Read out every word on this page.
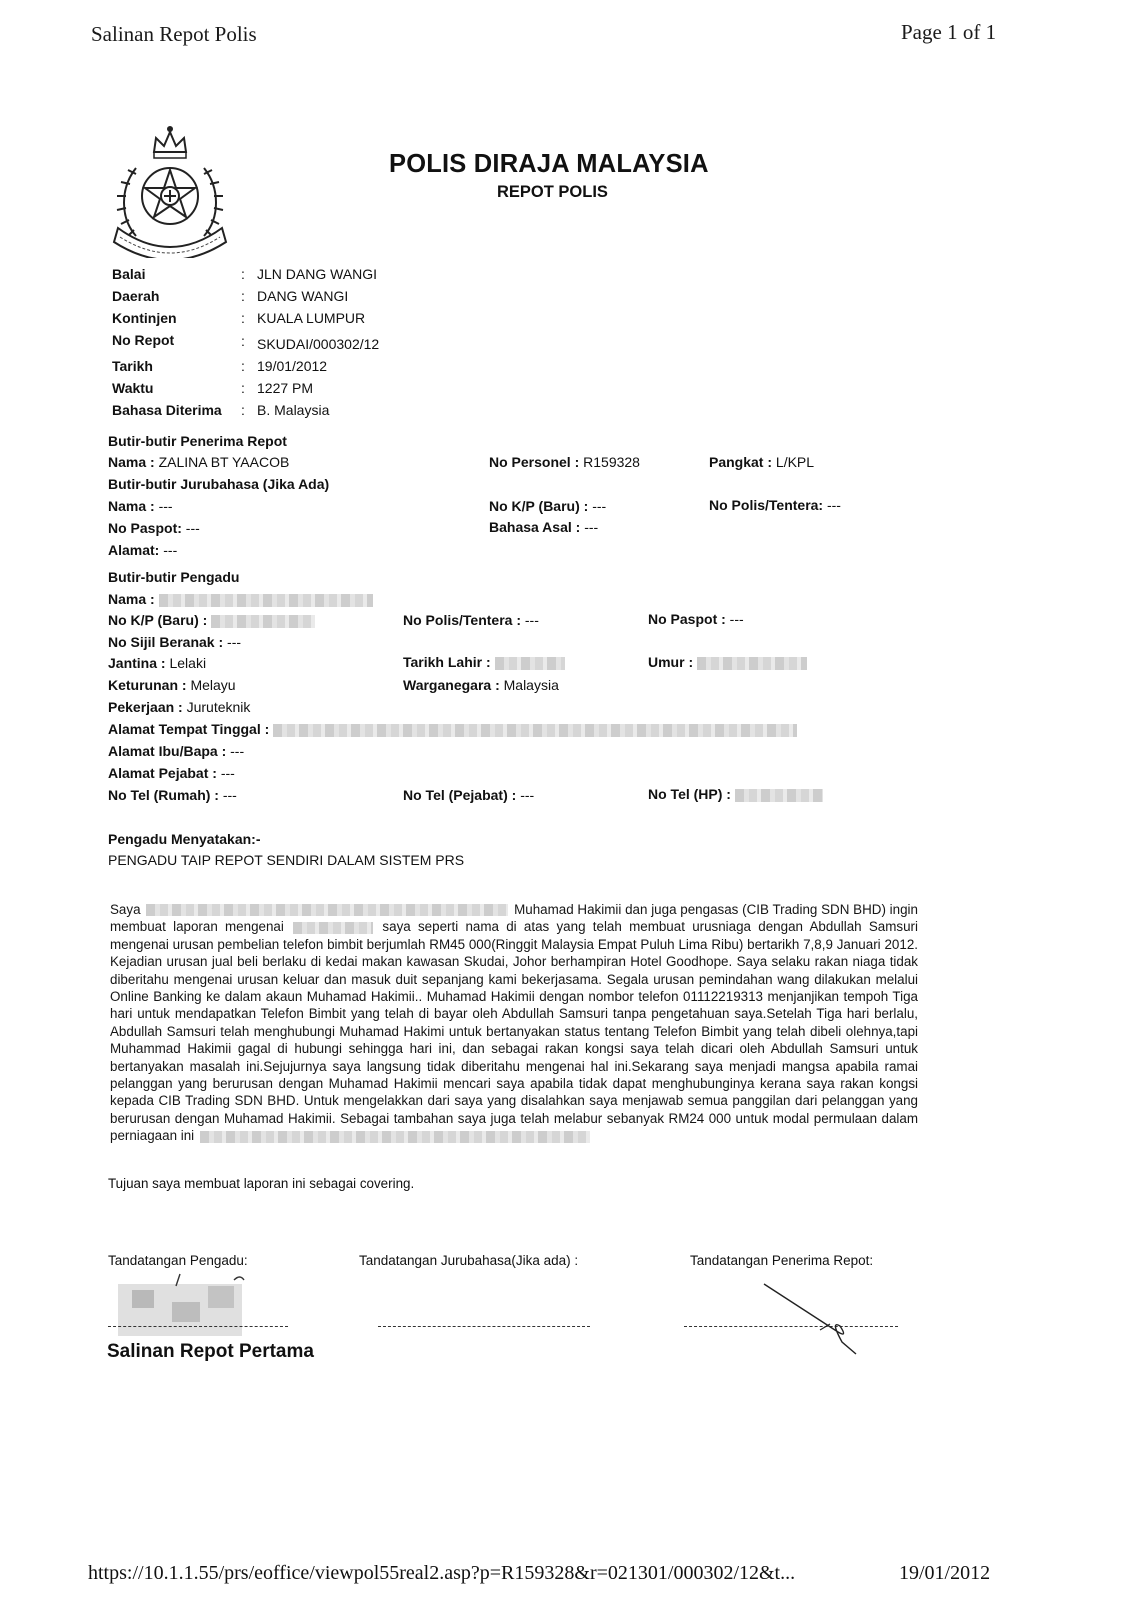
Salinan Repot Polis	Page 1 of 1
POLIS DIRAJA MALAYSIA
REPOT POLIS
Balai	: JLN DANG WANGI
Daerah	: DANG WANGI
Kontinjen	: KUALA LUMPUR
No Repot	: SKUDAI/000302/12
Tarikh	: 19/01/2012
Waktu	: 1227 PM
Bahasa Diterima : B. Malaysia
Butir-butir Penerima Repot
Nama : ZALINA BT YAACOB	No Personel : R159328	Pangkat : L/KPL
Butir-butir Jurubahasa (Jika Ada)
Nama : ---	No K/P (Baru) : ---	No Polis/Tentera: ---
No Paspot: ---	Bahasa Asal : ---
Alamat: ---
Butir-butir Pengadu
Nama :
No K/P (Baru) :	No Polis/Tentera : ---	No Paspot : ---
No Sijil Beranak : ---
Jantina : Lelaki	Tarikh Lahir :	Umur :
Keturunan : Melayu	Warganegara : Malaysia
Pekerjaan : Juruteknik
Alamat Tempat Tinggal :
Alamat Ibu/Bapa : ---
Alamat Pejabat : ---
No Tel (Rumah) : ---	No Tel (Pejabat) : ---	No Tel (HP) :
Pengadu Menyatakan:-
PENGADU TAIP REPOT SENDIRI DALAM SISTEM PRS
Saya	Muhamad Hakimii dan juga pengasas (CIB Trading SDN BHD) ingin membuat laporan mengenai	saya seperti nama di atas yang telah membuat urusniaga dengan Abdullah Samsuri mengenai urusan pembelian telefon bimbit berjumlah RM45 000(Ringgit Malaysia Empat Puluh Lima Ribu) bertarikh 7,8,9 Januari 2012. Kejadian urusan jual beli berlaku di kedai makan kawasan Skudai, Johor berhampiran Hotel Goodhope. Saya selaku rakan niaga tidak diberitahu mengenai urusan keluar dan masuk duit sepanjang kami bekerjasama. Segala urusan pemindahan wang dilakukan melalui Online Banking ke dalam akaun Muhamad Hakimii.. Muhamad Hakimii dengan nombor telefon 01112219313 menjanjikan tempoh Tiga hari untuk mendapatkan Telefon Bimbit yang telah di bayar oleh Abdullah Samsuri tanpa pengetahuan saya.Setelah Tiga hari berlalu, Abdullah Samsuri telah menghubungi Muhamad Hakimi untuk bertanyakan status tentang Telefon Bimbit yang telah dibeli olehnya,tapi Muhammad Hakimii gagal di hubungi sehingga hari ini, dan sebagai rakan kongsi saya telah dicari oleh Abdullah Samsuri untuk bertanyakan masalah ini.Sejujurnya saya langsung tidak diberitahu mengenai hal ini.Sekarang saya menjadi mangsa apabila ramai pelanggan yang berurusan dengan Muhamad Hakimii mencari saya apabila tidak dapat menghubunginya kerana saya rakan kongsi kepada CIB Trading SDN BHD. Untuk mengelakkan dari saya yang disalahkan saya menjawab semua panggilan dari pelanggan yang berurusan dengan Muhamad Hakimii. Sebagai tambahan saya juga telah melabur sebanyak RM24 000 untuk modal permulaan dalam perniagaan ini
Tujuan saya membuat laporan ini sebagai covering.
Tandatangan Pengadu:	Tandatangan Jurubahasa(Jika ada) :	Tandatangan Penerima Repot:
Salinan Repot Pertama
https://10.1.1.55/prs/eoffice/viewpol55real2.asp?p=R159328&r=021301/000302/12&t...	19/01/2012
